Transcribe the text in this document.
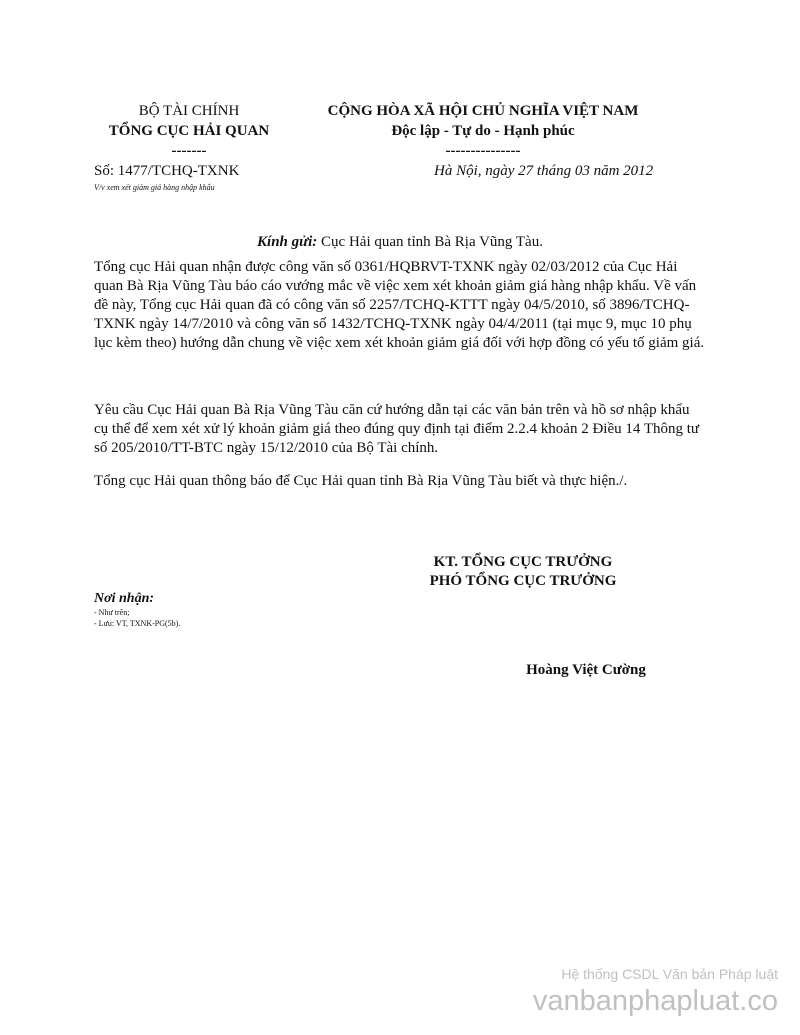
BỘ TÀI CHÍNH
TỔNG CỤC HẢI QUAN
-------
CỘNG HÒA XÃ HỘI CHỦ NGHĨA VIỆT NAM
Độc lập - Tự do - Hạnh phúc
---------------
Số: 1477/TCHQ-TXNK
V/v xem xét giảm giá hàng nhập khẩu
Hà Nội, ngày 27 tháng 03 năm 2012
Kính gửi: Cục Hải quan tỉnh Bà Rịa Vũng Tàu.
Tổng cục Hải quan nhận được công văn số 0361/HQBRVT-TXNK ngày 02/03/2012 của Cục Hải quan Bà Rịa Vũng Tàu báo cáo vướng mắc về việc xem xét khoản giảm giá hàng nhập khẩu. Về vấn đề này, Tổng cục Hải quan đã có công văn số 2257/TCHQ-KTTT ngày 04/5/2010, số 3896/TCHQ-TXNK ngày 14/7/2010 và công văn số 1432/TCHQ-TXNK ngày 04/4/2011 (tại mục 9, mục 10 phụ lục kèm theo) hướng dẫn chung về việc xem xét khoản giảm giá đối với hợp đồng có yếu tố giảm giá.
Yêu cầu Cục Hải quan Bà Rịa Vũng Tàu căn cứ hướng dẫn tại các văn bản trên và hồ sơ nhập khẩu cụ thể để xem xét xử lý khoản giảm giá theo đúng quy định tại điểm 2.2.4 khoản 2 Điều 14 Thông tư số 205/2010/TT-BTC ngày 15/12/2010 của Bộ Tài chính.
Tổng cục Hải quan thông báo để Cục Hải quan tỉnh Bà Rịa Vũng Tàu biết và thực hiện./.
KT. TỔNG CỤC TRƯỞNG
PHÓ TỔNG CỤC TRƯỞNG
Hoàng Việt Cường
Nơi nhận:
- Như trên;
- Lưu: VT, TXNK-PG(5b).
Hệ thống CSDL Văn bản Pháp luật
vanbanphapluat.co
